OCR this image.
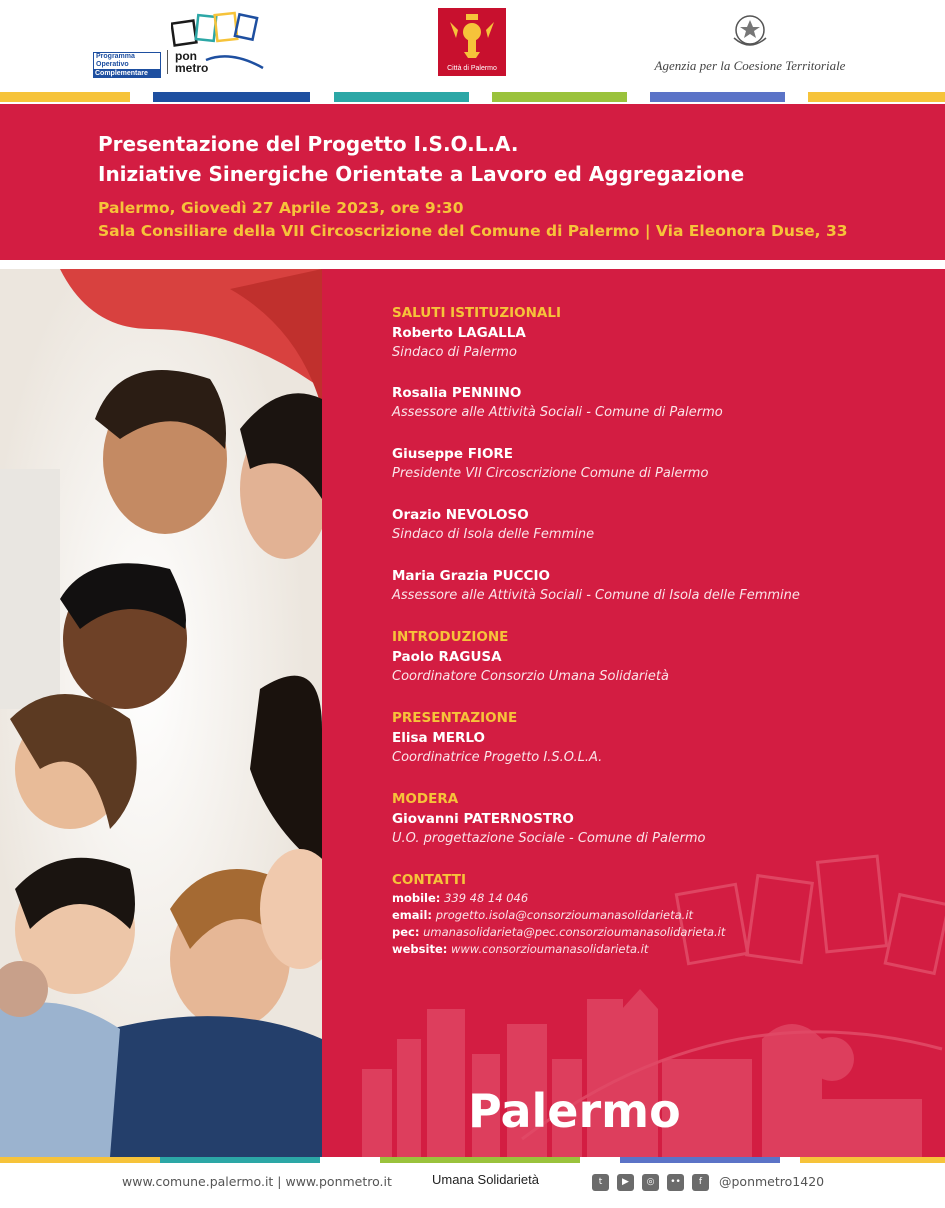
Programma Operativo
Complementare
pon
metro	Città di Palermo	Agenzia per la Coesione Territoriale
Presentazione del Progetto I.S.O.L.A.
Iniziative Sinergiche Orientate a Lavoro ed Aggregazione
Palermo, Giovedì 27 Aprile 2023, ore 9:30
Sala Consiliare della VII Circoscrizione del Comune di Palermo | Via Eleonora Duse, 33
SALUTI ISTITUZIONALI
Roberto LAGALLA
Sindaco di Palermo
Rosalia PENNINO
Assessore alle Attività Sociali - Comune di Palermo
Giuseppe FIORE
Presidente VII Circoscrizione Comune di Palermo
Orazio NEVOLOSO
Sindaco di Isola delle Femmine
Maria Grazia PUCCIO
Assessore alle Attività Sociali - Comune di Isola delle Femmine
INTRODUZIONE
Paolo RAGUSA
Coordinatore Consorzio Umana Solidarietà
PRESENTAZIONE
Elisa MERLO
Coordinatrice Progetto I.S.O.L.A.
MODERA
Giovanni PATERNOSTRO
U.O. progettazione Sociale - Comune di Palermo
CONTATTI
mobile: 339 48 14 046
email: progetto.isola@consorzioumanasolidarieta.it
pec: umanasolidarieta@pec.consorzioumanasolidarieta.it
website: www.consorzioumanasolidarieta.it
Palermo
www.comune.palermo.it | www.ponmetro.it	Umana Solidarietà	t	▶	◎	••	f	@ponmetro1420
